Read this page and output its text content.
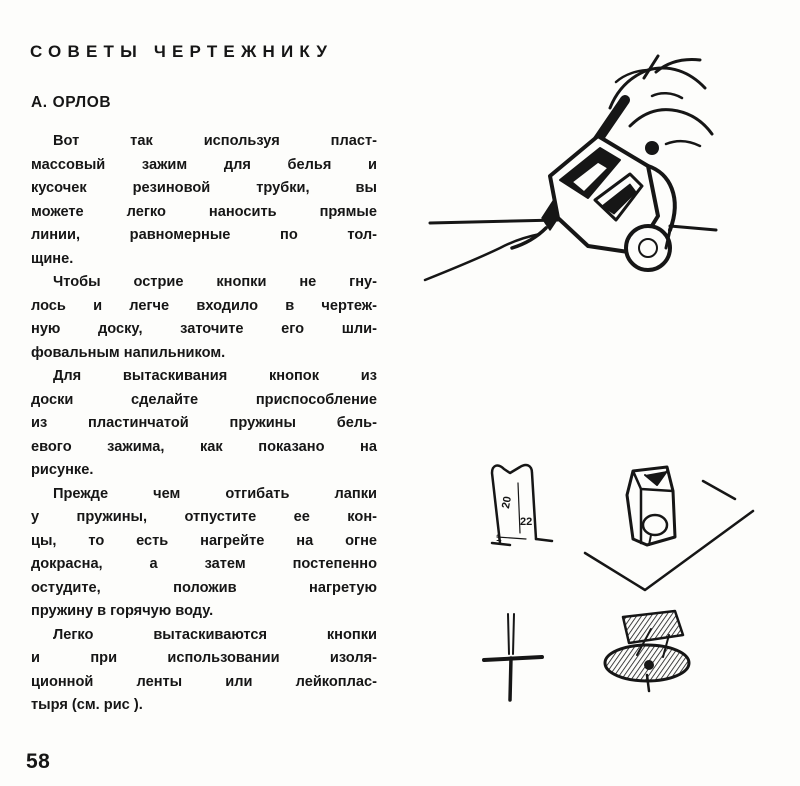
СОВЕТЫ ЧЕРТЕЖНИКУ
А. ОРЛОВ

Вот так используя пласт-
массовый зажим для белья и
кусочек резиновой трубки, вы
можете легко наносить прямые
линии, равномерные по тол-
щине.

Чтобы острие кнопки не гну-
лось и легче входило в чертеж-
ную доску, заточите его шли-
фовальным напильником.

Для вытаскивания кнопок из
доски сделайте приспособление
из пластинчатой пружины бель-
евого зажима, как показано на
рисунке.

Прежде чем отгибать лапки
у пружины, отпустите ее кон-
цы, то есть нагрейте на огне
докрасна, а затем постепенно
остудите, положив нагретую
пружину в горячую воду.

Легко вытаскиваются кнопки
и при использовании изоля-
ционной ленты или лейкоплас-
тыря (см. рис ).

20
22
1
58
